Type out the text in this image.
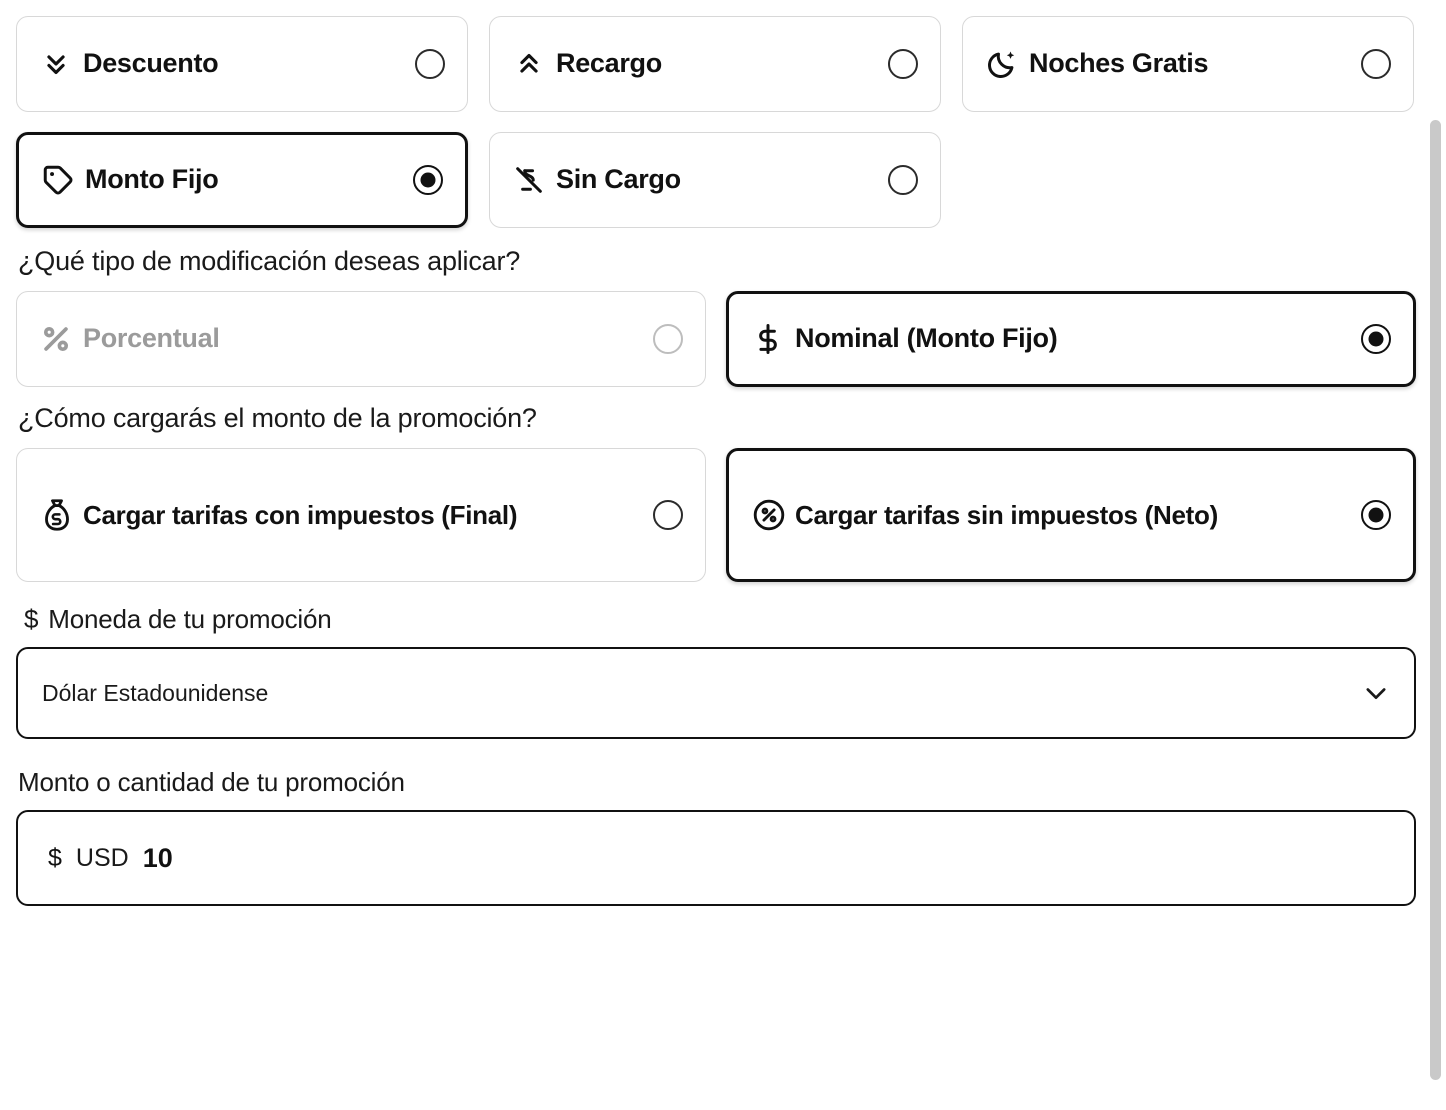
Descuento	Recargo	Noches Gratis
Monto Fijo	Sin Cargo
¿Qué tipo de modificación deseas aplicar?
Porcentual	Nominal (Monto Fijo)
¿Cómo cargarás el monto de la promoción?
Cargar tarifas con impuestos (Final)	Cargar tarifas sin impuestos (Neto)
$ Moneda de tu promoción
Dólar Estadounidense
Monto o cantidad de tu promoción
$ USD 10
